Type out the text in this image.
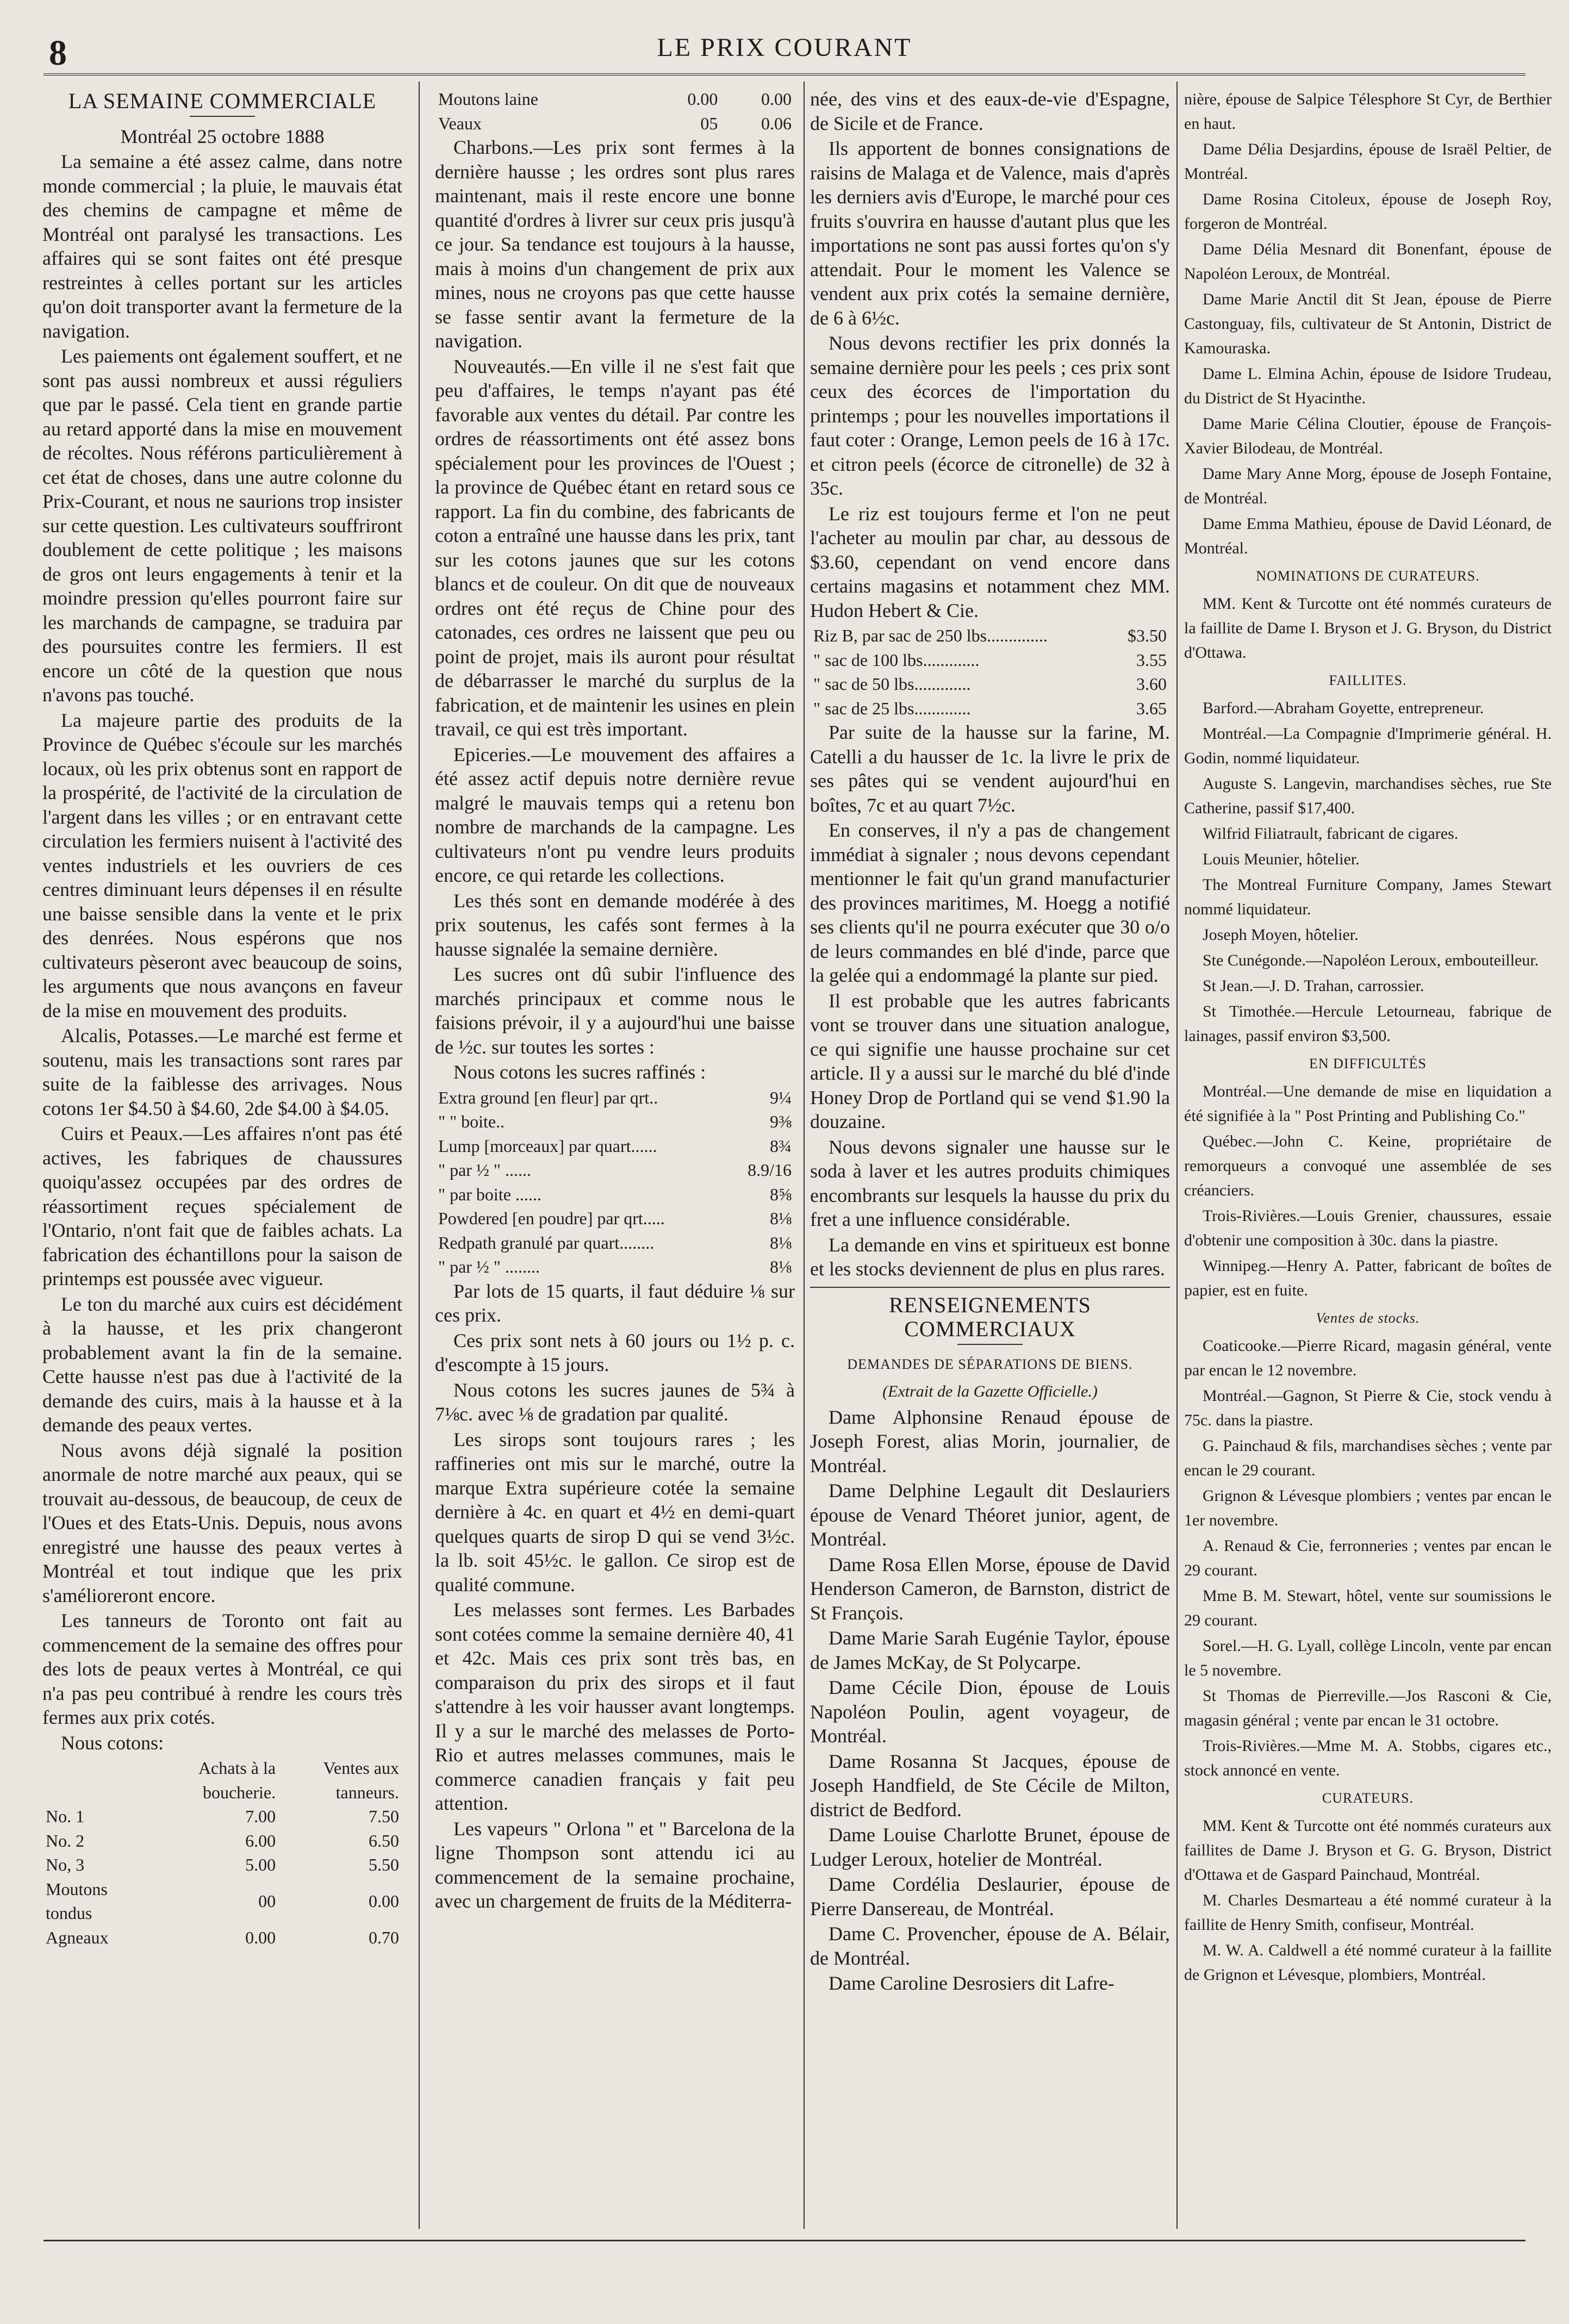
8	LE PRIX COURANT
LA SEMAINE COMMERCIALE

Montréal 25 octobre 1888

La semaine a été assez calme, dans notre monde commercial ; la pluie, le mauvais état des chemins de campagne et même de Montréal ont paralysé les transactions. Les affaires qui se sont faites ont été presque restreintes à celles portant sur les articles qu'on doit transporter avant la fermeture de la navigation.

Les paiements ont également souffert, et ne sont pas aussi nombreux et aussi réguliers que par le passé. Cela tient en grande partie au retard apporté dans la mise en mouvement de récoltes. Nous référons particulièrement à cet état de choses, dans une autre colonne du Prix-Courant, et nous ne saurions trop insister sur cette question. Les cultivateurs souffriront doublement de cette politique ; les maisons de gros ont leurs engagements à tenir et la moindre pression qu'elles pourront faire sur les marchands de campagne, se traduira par des poursuites contre les fermiers. Il est encore un côté de la question que nous n'avons pas touché.

La majeure partie des produits de la Province de Québec s'écoule sur les marchés locaux, où les prix obtenus sont en rapport de la prospérité, de l'activité de la circulation de l'argent dans les villes ; or en entravant cette circulation les fermiers nuisent à l'activité des ventes industriels et les ouvriers de ces centres diminuant leurs dépenses il en résulte une baisse sensible dans la vente et le prix des denrées. Nous espérons que nos cultivateurs pèseront avec beaucoup de soins, les arguments que nous avançons en faveur de la mise en mouvement des produits.

Alcalis, Potasses.—Le marché est ferme et soutenu, mais les transactions sont rares par suite de la faiblesse des arrivages. Nous cotons 1er $4.50 à $4.60, 2de $4.00 à $4.05.

Cuirs et Peaux.—Les affaires n'ont pas été actives, les fabriques de chaussures quoiqu'assez occupées par des ordres de réassortiment reçues spécialement de l'Ontario, n'ont fait que de faibles achats. La fabrication des échantillons pour la saison de printemps est poussée avec vigueur.

Le ton du marché aux cuirs est décidément à la hausse, et les prix changeront probablement avant la fin de la semaine. Cette hausse n'est pas due à l'activité de la demande des cuirs, mais à la hausse et à la demande des peaux vertes.

Nous avons déjà signalé la position anormale de notre marché aux peaux, qui se trouvait au-dessous, de beaucoup, de ceux de l'Oues et des Etats-Unis. Depuis, nous avons enregistré une hausse des peaux vertes à Montréal et tout indique que les prix s'amélioreront encore.

Les tanneurs de Toronto ont fait au commencement de la semaine des offres pour des lots de peaux vertes à Montréal, ce qui n'a pas peu contribué à rendre les cours très fermes aux prix cotés.

Nous cotons:

	Achats à la boucherie.	Ventes aux tanneurs.
No. 1	7.00	7.50
No. 2	6.00	6.50
No, 3	5.00	5.50
Moutons tondus	00	0.00
Agneaux	0.00	0.70
Moutons laine	0.00	0.00
Veaux	05	0.06

Charbons.—Les prix sont fermes à la dernière hausse ; les ordres sont plus rares maintenant, mais il reste encore une bonne quantité d'ordres à livrer sur ceux pris jusqu'à ce jour. Sa tendance est toujours à la hausse, mais à moins d'un changement de prix aux mines, nous ne croyons pas que cette hausse se fasse sentir avant la fermeture de la navigation.

Nouveautés.—En ville il ne s'est fait que peu d'affaires, le temps n'ayant pas été favorable aux ventes du détail. Par contre les ordres de réassortiments ont été assez bons spécialement pour les provinces de l'Ouest ; la province de Québec étant en retard sous ce rapport. La fin du combine, des fabricants de coton a entraîné une hausse dans les prix, tant sur les cotons jaunes que sur les cotons blancs et de couleur. On dit que de nouveaux ordres ont été reçus de Chine pour des catonades, ces ordres ne laissent que peu ou point de projet, mais ils auront pour résultat de débarrasser le marché du surplus de la fabrication, et de maintenir les usines en plein travail, ce qui est très important.

Epiceries.—Le mouvement des affaires a été assez actif depuis notre dernière revue malgré le mauvais temps qui a retenu bon nombre de marchands de la campagne. Les cultivateurs n'ont pu vendre leurs produits encore, ce qui retarde les collections.

Les thés sont en demande modérée à des prix soutenus, les cafés sont fermes à la hausse signalée la semaine dernière.

Les sucres ont dû subir l'influence des marchés principaux et comme nous le faisions prévoir, il y a aujourd'hui une baisse de ½c. sur toutes les sortes :

Nous cotons les sucres raffinés :

Extra ground [en fleur] par qrt..	9¼
" " boite..	9⅜
Lump [morceaux] par quart......	8¾
" par ½ " ......	8.9/16
" par boite ......	8⅝
Powdered [en poudre] par qrt.....	8⅛
Redpath granulé par quart........	8⅛
" par ½ " ........	8⅛

Par lots de 15 quarts, il faut déduire ⅛ sur ces prix.

Ces prix sont nets à 60 jours ou 1½ p. c. d'escompte à 15 jours.

Nous cotons les sucres jaunes de 5¾ à 7⅛c. avec ⅛ de gradation par qualité.

Les sirops sont toujours rares ; les raffineries ont mis sur le marché, outre la marque Extra supérieure cotée la semaine dernière à 4c. en quart et 4½ en demi-quart quelques quarts de sirop D qui se vend 3½c. la lb. soit 45½c. le gallon. Ce sirop est de qualité commune.

Les melasses sont fermes. Les Barbades sont cotées comme la semaine dernière 40, 41 et 42c. Mais ces prix sont très bas, en comparaison du prix des sirops et il faut s'attendre à les voir hausser avant longtemps. Il y a sur le marché des melasses de Porto-Rio et autres melasses communes, mais le commerce canadien français y fait peu attention.

Les vapeurs " Orlona " et " Barcelona de la ligne Thompson sont attendu ici au commencement de la semaine prochaine, avec un chargement de fruits de la Méditerra-

née, des vins et des eaux-de-vie d'Espagne, de Sicile et de France.

Ils apportent de bonnes consignations de raisins de Malaga et de Valence, mais d'après les derniers avis d'Europe, le marché pour ces fruits s'ouvrira en hausse d'autant plus que les importations ne sont pas aussi fortes qu'on s'y attendait. Pour le moment les Valence se vendent aux prix cotés la semaine dernière, de 6 à 6½c.

Nous devons rectifier les prix donnés la semaine dernière pour les peels ; ces prix sont ceux des écorces de l'importation du printemps ; pour les nouvelles importations il faut coter : Orange, Lemon peels de 16 à 17c. et citron peels (écorce de citronelle) de 32 à 35c.

Le riz est toujours ferme et l'on ne peut l'acheter au moulin par char, au dessous de $3.60, cependant on vend encore dans certains magasins et notamment chez MM. Hudon Hebert & Cie.

Riz B, par sac de 250 lbs..............	$3.50
" sac de 100 lbs.............	3.55
" sac de 50 lbs.............	3.60
" sac de 25 lbs.............	3.65

Par suite de la hausse sur la farine, M. Catelli a du hausser de 1c. la livre le prix de ses pâtes qui se vendent aujourd'hui en boîtes, 7c et au quart 7½c.

En conserves, il n'y a pas de changement immédiat à signaler ; nous devons cependant mentionner le fait qu'un grand manufacturier des provinces maritimes, M. Hoegg a notifié ses clients qu'il ne pourra exécuter que 30 o/o de leurs commandes en blé d'inde, parce que la gelée qui a endommagé la plante sur pied.

Il est probable que les autres fabricants vont se trouver dans une situation analogue, ce qui signifie une hausse prochaine sur cet article. Il y a aussi sur le marché du blé d'inde Honey Drop de Portland qui se vend $1.90 la douzaine.

Nous devons signaler une hausse sur le soda à laver et les autres produits chimiques encombrants sur lesquels la hausse du prix du fret a une influence considérable.

La demande en vins et spiritueux est bonne et les stocks deviennent de plus en plus rares.

RENSEIGNEMENTS COMMERCIAUX
DEMANDES DE SÉPARATIONS DE BIENS.

(Extrait de la Gazette Officielle.)

Dame Alphonsine Renaud épouse de Joseph Forest, alias Morin, journalier, de Montréal.

Dame Delphine Legault dit Deslauriers épouse de Venard Théoret junior, agent, de Montréal.

Dame Rosa Ellen Morse, épouse de David Henderson Cameron, de Barnston, district de St François.

Dame Marie Sarah Eugénie Taylor, épouse de James McKay, de St Polycarpe.

Dame Cécile Dion, épouse de Louis Napoléon Poulin, agent voyageur, de Montréal.

Dame Rosanna St Jacques, épouse de Joseph Handfield, de Ste Cécile de Milton, district de Bedford.

Dame Louise Charlotte Brunet, épouse de Ludger Leroux, hotelier de Montréal.

Dame Cordélia Deslaurier, épouse de Pierre Dansereau, de Montréal.

Dame C. Provencher, épouse de A. Bélair, de Montréal.

Dame Caroline Desrosiers dit Lafre-

nière, épouse de Salpice Télesphore St Cyr, de Berthier en haut.

Dame Délia Desjardins, épouse de Israël Peltier, de Montréal.

Dame Rosina Citoleux, épouse de Joseph Roy, forgeron de Montréal.

Dame Délia Mesnard dit Bonenfant, épouse de Napoléon Leroux, de Montréal.

Dame Marie Anctil dit St Jean, épouse de Pierre Castonguay, fils, cultivateur de St Antonin, District de Kamouraska.

Dame L. Elmina Achin, épouse de Isidore Trudeau, du District de St Hyacinthe.

Dame Marie Célina Cloutier, épouse de François-Xavier Bilodeau, de Montréal.

Dame Mary Anne Morg, épouse de Joseph Fontaine, de Montréal.

Dame Emma Mathieu, épouse de David Léonard, de Montréal.

NOMINATIONS DE CURATEURS.

MM. Kent & Turcotte ont été nommés curateurs de la faillite de Dame I. Bryson et J. G. Bryson, du District d'Ottawa.

FAILLITES.

Barford.—Abraham Goyette, entrepreneur.

Montréal.—La Compagnie d'Imprimerie général. H. Godin, nommé liquidateur.

Auguste S. Langevin, marchandises sèches, rue Ste Catherine, passif $17,400.

Wilfrid Filiatrault, fabricant de cigares.

Louis Meunier, hôtelier.

The Montreal Furniture Company, James Stewart nommé liquidateur.

Joseph Moyen, hôtelier.

Ste Cunégonde.—Napoléon Leroux, embouteilleur.

St Jean.—J. D. Trahan, carrossier.

St Timothée.—Hercule Letourneau, fabrique de lainages, passif environ $3,500.

EN DIFFICULTÉS

Montréal.—Une demande de mise en liquidation a été signifiée à la " Post Printing and Publishing Co."

Québec.—John C. Keine, propriétaire de remorqueurs a convoqué une assemblée de ses créanciers.

Trois-Rivières.—Louis Grenier, chaussures, essaie d'obtenir une composition à 30c. dans la piastre.

Winnipeg.—Henry A. Patter, fabricant de boîtes de papier, est en fuite.

Ventes de stocks.

Coaticooke.—Pierre Ricard, magasin général, vente par encan le 12 novembre.

Montréal.—Gagnon, St Pierre & Cie, stock vendu à 75c. dans la piastre.

G. Painchaud & fils, marchandises sèches ; vente par encan le 29 courant.

Grignon & Lévesque plombiers ; ventes par encan le 1er novembre.

A. Renaud & Cie, ferronneries ; ventes par encan le 29 courant.

Mme B. M. Stewart, hôtel, vente sur soumissions le 29 courant.

Sorel.—H. G. Lyall, collège Lincoln, vente par encan le 5 novembre.

St Thomas de Pierreville.—Jos Rasconi & Cie, magasin général ; vente par encan le 31 octobre.

Trois-Rivières.—Mme M. A. Stobbs, cigares etc., stock annoncé en vente.

CURATEURS.

MM. Kent & Turcotte ont été nommés curateurs aux faillites de Dame J. Bryson et G. G. Bryson, District d'Ottawa et de Gaspard Painchaud, Montréal.

M. Charles Desmarteau a été nommé curateur à la faillite de Henry Smith, confiseur, Montréal.

M. W. A. Caldwell a été nommé curateur à la faillite de Grignon et Lévesque, plombiers, Montréal.
